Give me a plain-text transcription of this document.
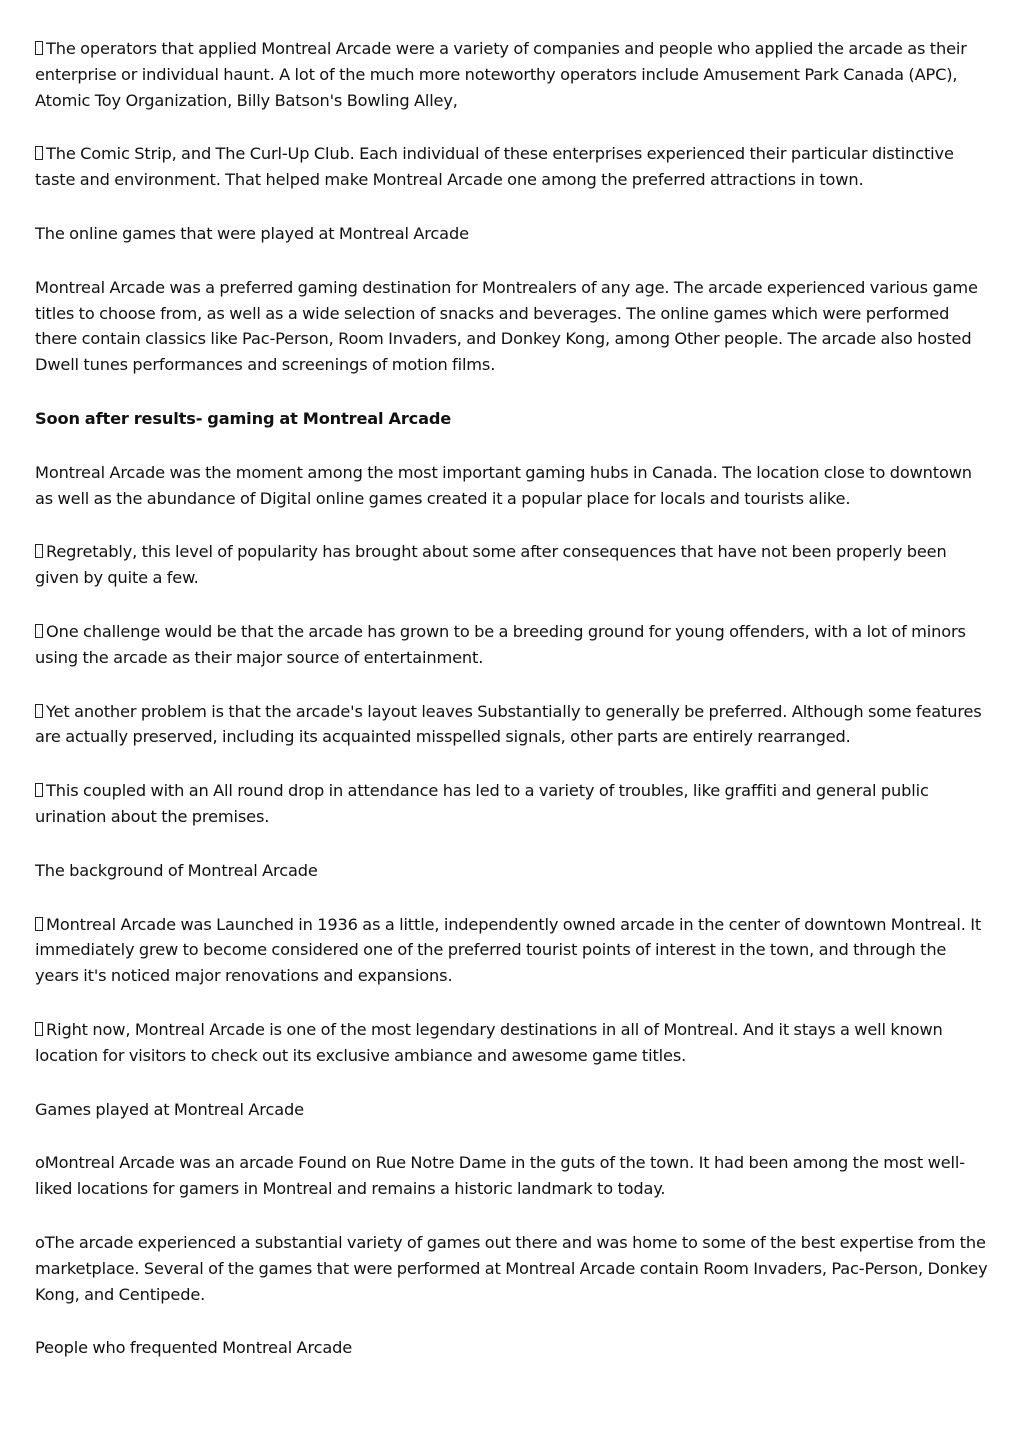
The operators that applied Montreal Arcade were a variety of companies and people who applied the arcade as their enterprise or individual haunt. A lot of the much more noteworthy operators include Amusement Park Canada (APC), Atomic Toy Organization, Billy Batson's Bowling Alley,

The Comic Strip, and The Curl-Up Club. Each individual of these enterprises experienced their particular distinctive taste and environment. That helped make Montreal Arcade one among the preferred attractions in town.

The online games that were played at Montreal Arcade

Montreal Arcade was a preferred gaming destination for Montrealers of any age. The arcade experienced various game titles to choose from, as well as a wide selection of snacks and beverages. The online games which were performed there contain classics like Pac-Person, Room Invaders, and Donkey Kong, among Other people. The arcade also hosted Dwell tunes performances and screenings of motion films.

Soon after results- gaming at Montreal Arcade

Montreal Arcade was the moment among the most important gaming hubs in Canada. The location close to downtown as well as the abundance of Digital online games created it a popular place for locals and tourists alike.

Regretably, this level of popularity has brought about some after consequences that have not been properly been given by quite a few.

One challenge would be that the arcade has grown to be a breeding ground for young offenders, with a lot of minors using the arcade as their major source of entertainment.

Yet another problem is that the arcade's layout leaves Substantially to generally be preferred. Although some features are actually preserved, including its acquainted misspelled signals, other parts are entirely rearranged.

This coupled with an All round drop in attendance has led to a variety of troubles, like graffiti and general public urination about the premises.

The background of Montreal Arcade

Montreal Arcade was Launched in 1936 as a little, independently owned arcade in the center of downtown Montreal. It immediately grew to become considered one of the preferred tourist points of interest in the town, and through the years it's noticed major renovations and expansions.

Right now, Montreal Arcade is one of the most legendary destinations in all of Montreal. And it stays a well known location for visitors to check out its exclusive ambiance and awesome game titles.

Games played at Montreal Arcade

oMontreal Arcade was an arcade Found on Rue Notre Dame in the guts of the town. It had been among the most well-liked locations for gamers in Montreal and remains a historic landmark to today.

oThe arcade experienced a substantial variety of games out there and was home to some of the best expertise from the marketplace. Several of the games that were performed at Montreal Arcade contain Room Invaders, Pac-Person, Donkey Kong, and Centipede.

People who frequented Montreal Arcade
